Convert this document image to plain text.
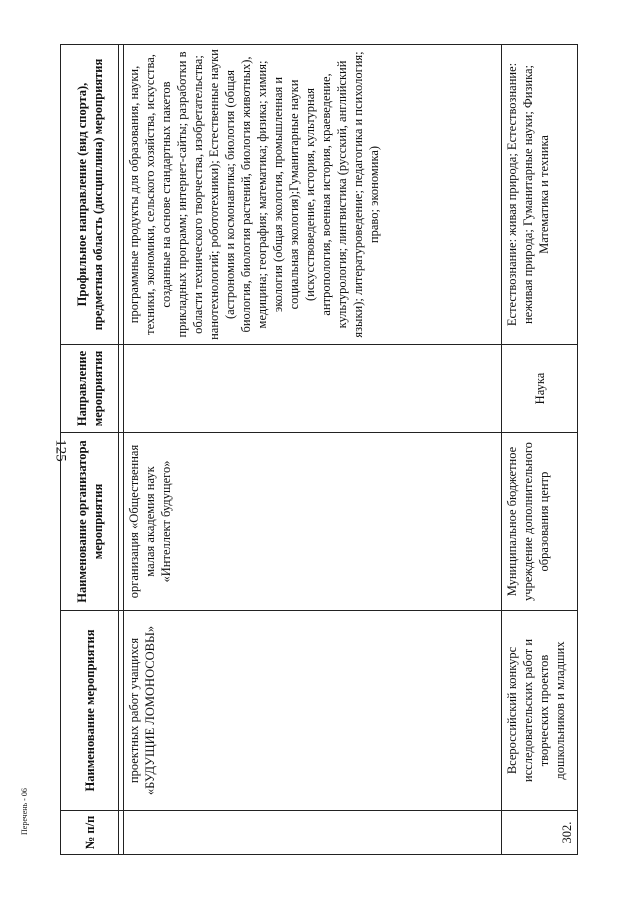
125
Перечень - 06	№ п/п	Наименование мероприятия	Наименование организатора мероприятия	Направление мероприятия	Профильное направление (вид спорта), предметная область (дисциплина) мероприятия

	проектных работ учащихся «БУДУЩИЕ ЛОМОНОСОВЫ»	организация «Общественная малая академия наук «Интеллект будущего»		программные продукты для образования, науки, техники, экономики, сельского хозяйства, искусства, созданные на основе стандартных пакетов прикладных программ; интернет-сайты; разработки в области технического творчества, изобретательства; нанотехнологий; робототехники); Естественные науки (астрономия и космонавтика; биология (общая биология, биология растений, биология животных), медицина; география; математика; физика; химия; экология (общая экология, промышленная и социальная экология);Гуманитарные науки (искусствоведение, история, культурная антропология, военная история, краеведение, культурология; лингвистика (русский, английский языки); литературоведение; педагогика и психология; право; экономика)
302.	Всероссийский конкурс исследовательских работ и творческих проектов дошкольников и младших	Муниципальное бюджетное учреждение дополнительного образования центр	Наука	Естествознание: живая природа; Естествознание: неживая природа; Гуманитарные науки; Физика; Математика и техника
